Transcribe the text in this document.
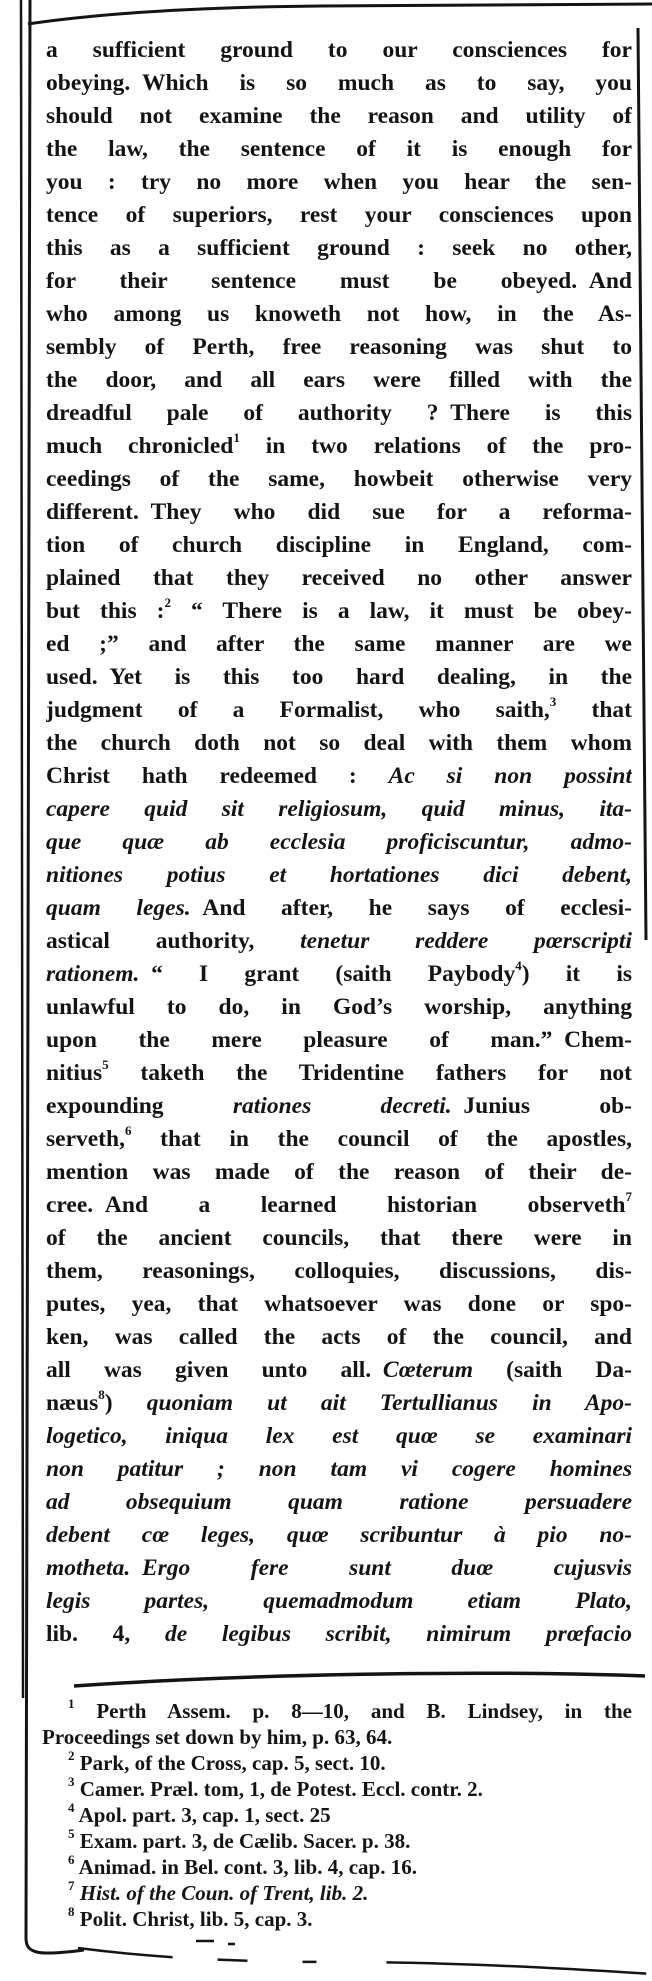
a sufficient ground to our consciences for
obeying. Which is so much as to say, you
should not examine the reason and utility of
the law, the sentence of it is enough for
you : try no more when you hear the sen-
tence of superiors, rest your consciences upon
this as a sufficient ground : seek no other,
for their sentence must be obeyed. And
who among us knoweth not how, in the As-
sembly of Perth, free reasoning was shut to
the door, and all ears were filled with the
dreadful pale of authority ? There is this
much chronicled$^1$ in two relations of the pro-
ceedings of the same, howbeit otherwise very
different. They who did sue for a reforma-
tion of church discipline in England, com-
plained that they received no other answer
but this :$^2$ “ There is a law, it must be obey-
ed ;” and after the same manner are we
used. Yet is this too hard dealing, in the
judgment of a Formalist, who saith,$^3$ that
the church doth not so deal with them whom
Christ hath redeemed : Ac si non possint
capere quid sit religiosum, quid minus, ita-
que quæ ab ecclesia proficiscuntur, admo-
nitiones potius et hortationes dici debent,
quam leges. And after, he says of ecclesi-
astical authority, tenetur reddere pœrscripti
rationem. “ I grant (saith Paybody$^4$) it is
unlawful to do, in God’s worship, anything
upon the mere pleasure of man.” Chem-
nitius$^5$ taketh the Tridentine fathers for not
expounding rationes decreti. Junius ob-
serveth,$^6$ that in the council of the apostles,
mention was made of the reason of their de-
cree. And a learned historian observeth$^7$
of the ancient councils, that there were in
them, reasonings, colloquies, discussions, dis-
putes, yea, that whatsoever was done or spo-
ken, was called the acts of the council, and
all was given unto all. Cœterum (saith Da-
næus$^8$) quoniam ut ait Tertullianus in Apo-
logetico, iniqua lex est quœ se examinari
non patitur ; non tam vi cogere homines
ad obsequium quam ratione persuadere
debent cœ leges, quœ scribuntur à pio no-
motheta. Ergo fere sunt duœ cujusvis
legis partes, quemadmodum etiam Plato,
lib. 4, de legibus scribit, nimirum prœfacio
$^1$ Perth Assem. p. 8—10, and B. Lindsey, in the
Proceedings set down by him, p. 63, 64.
$^2$ Park, of the Cross, cap. 5, sect. 10.
$^3$ Camer. Præl. tom, 1, de Potest. Eccl. contr. 2.
$^4$ Apol. part. 3, cap. 1, sect. 25
$^5$ Exam. part. 3, de Cælib. Sacer. p. 38.
$^6$ Animad. in Bel. cont. 3, lib. 4, cap. 16.
$^7$ Hist. of the Coun. of Trent, lib. 2.
$^8$ Polit. Christ, lib. 5, cap. 3.
